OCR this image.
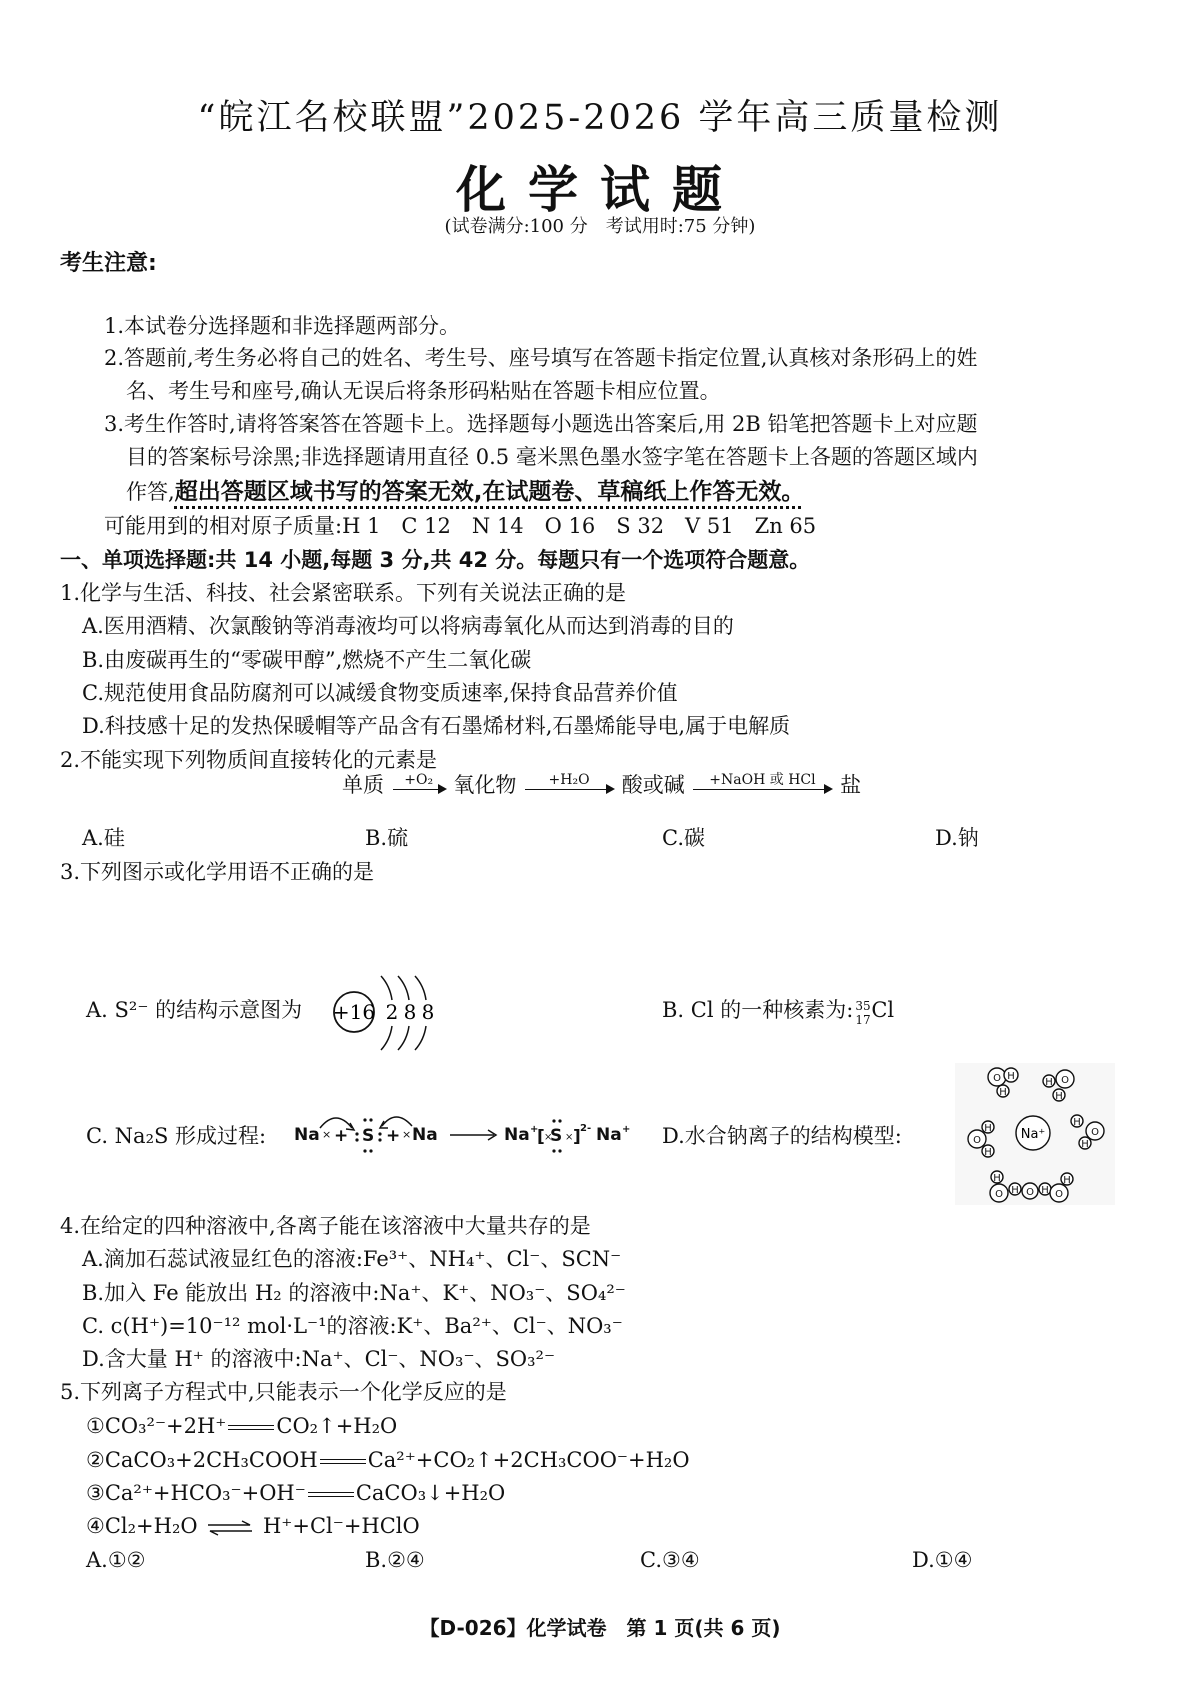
“皖江名校联盟”2025-2026 学年高三质量检测
化学试题
(试卷满分:100 分　考试用时:75 分钟)
考生注意:
1.本试卷分选择题和非选择题两部分。
2.答题前,考生务必将自己的姓名、考生号、座号填写在答题卡指定位置,认真核对条形码上的姓
名、考生号和座号,确认无误后将条形码粘贴在答题卡相应位置。
3.考生作答时,请将答案答在答题卡上。选择题每小题选出答案后,用 2B 铅笔把答题卡上对应题
目的答案标号涂黑;非选择题请用直径 0.5 毫米黑色墨水签字笔在答题卡上各题的答题区域内
作答,超出答题区域书写的答案无效,在试题卷、草稿纸上作答无效。
可能用到的相对原子质量:H 1　C 12　N 14　O 16　S 32　V 51　Zn 65
一、单项选择题:共 14 小题,每题 3 分,共 42 分。每题只有一个选项符合题意。
1.化学与生活、科技、社会紧密联系。下列有关说法正确的是
A.医用酒精、次氯酸钠等消毒液均可以将病毒氧化从而达到消毒的目的
B.由废碳再生的“零碳甲醇”,燃烧不产生二氧化碳
C.规范使用食品防腐剂可以减缓食物变质速率,保持食品营养价值
D.科技感十足的发热保暖帽等产品含有石墨烯材料,石墨烯能导电,属于电解质
2.不能实现下列物质间直接转化的元素是
单质	+O₂ 氧化物	+H₂O	酸或碱	+NaOH 或 HCl	盐
A.硅	B.硫	C.碳	D.钠
3.下列图示或化学用语不正确的是
A. S²⁻ 的结构示意图为 +16 2 8 8	B. Cl 的一种核素为: 35
17 Cl
C. Na₂S 形成过程: Na × + S + × Na	Na +
[ S ] 2- Na +
× ×	D.水合钠离子的结构模型:	Na⁺
O H
H
H O
H
O
H
H
H
H
O
H
O H H O
H
O
4.在给定的四种溶液中,各离子能在该溶液中大量共存的是
A.滴加石蕊试液显红色的溶液:Fe³⁺、NH₄⁺、Cl⁻、SCN⁻
B.加入 Fe 能放出 H₂ 的溶液中:Na⁺、K⁺、NO₃⁻、SO₄²⁻
C. c(H⁺)=10⁻¹² mol·L⁻¹的溶液:K⁺、Ba²⁺、Cl⁻、NO₃⁻
D.含大量 H⁺ 的溶液中:Na⁺、Cl⁻、NO₃⁻、SO₃²⁻
5.下列离子方程式中,只能表示一个化学反应的是
①CO₃²⁻+2H⁺ CO₂↑+H₂O
②CaCO₃+2CH₃COOH Ca²⁺+CO₂↑+2CH₃COO⁻+H₂O
③Ca²⁺+HCO₃⁻+OH⁻ CaCO₃↓+H₂O
④Cl₂+H₂O ⇌ H⁺+Cl⁻+HClO
A.①②	B.②④	C.③④	D.①④
【D-026】化学试卷　第 1 页(共 6 页)
